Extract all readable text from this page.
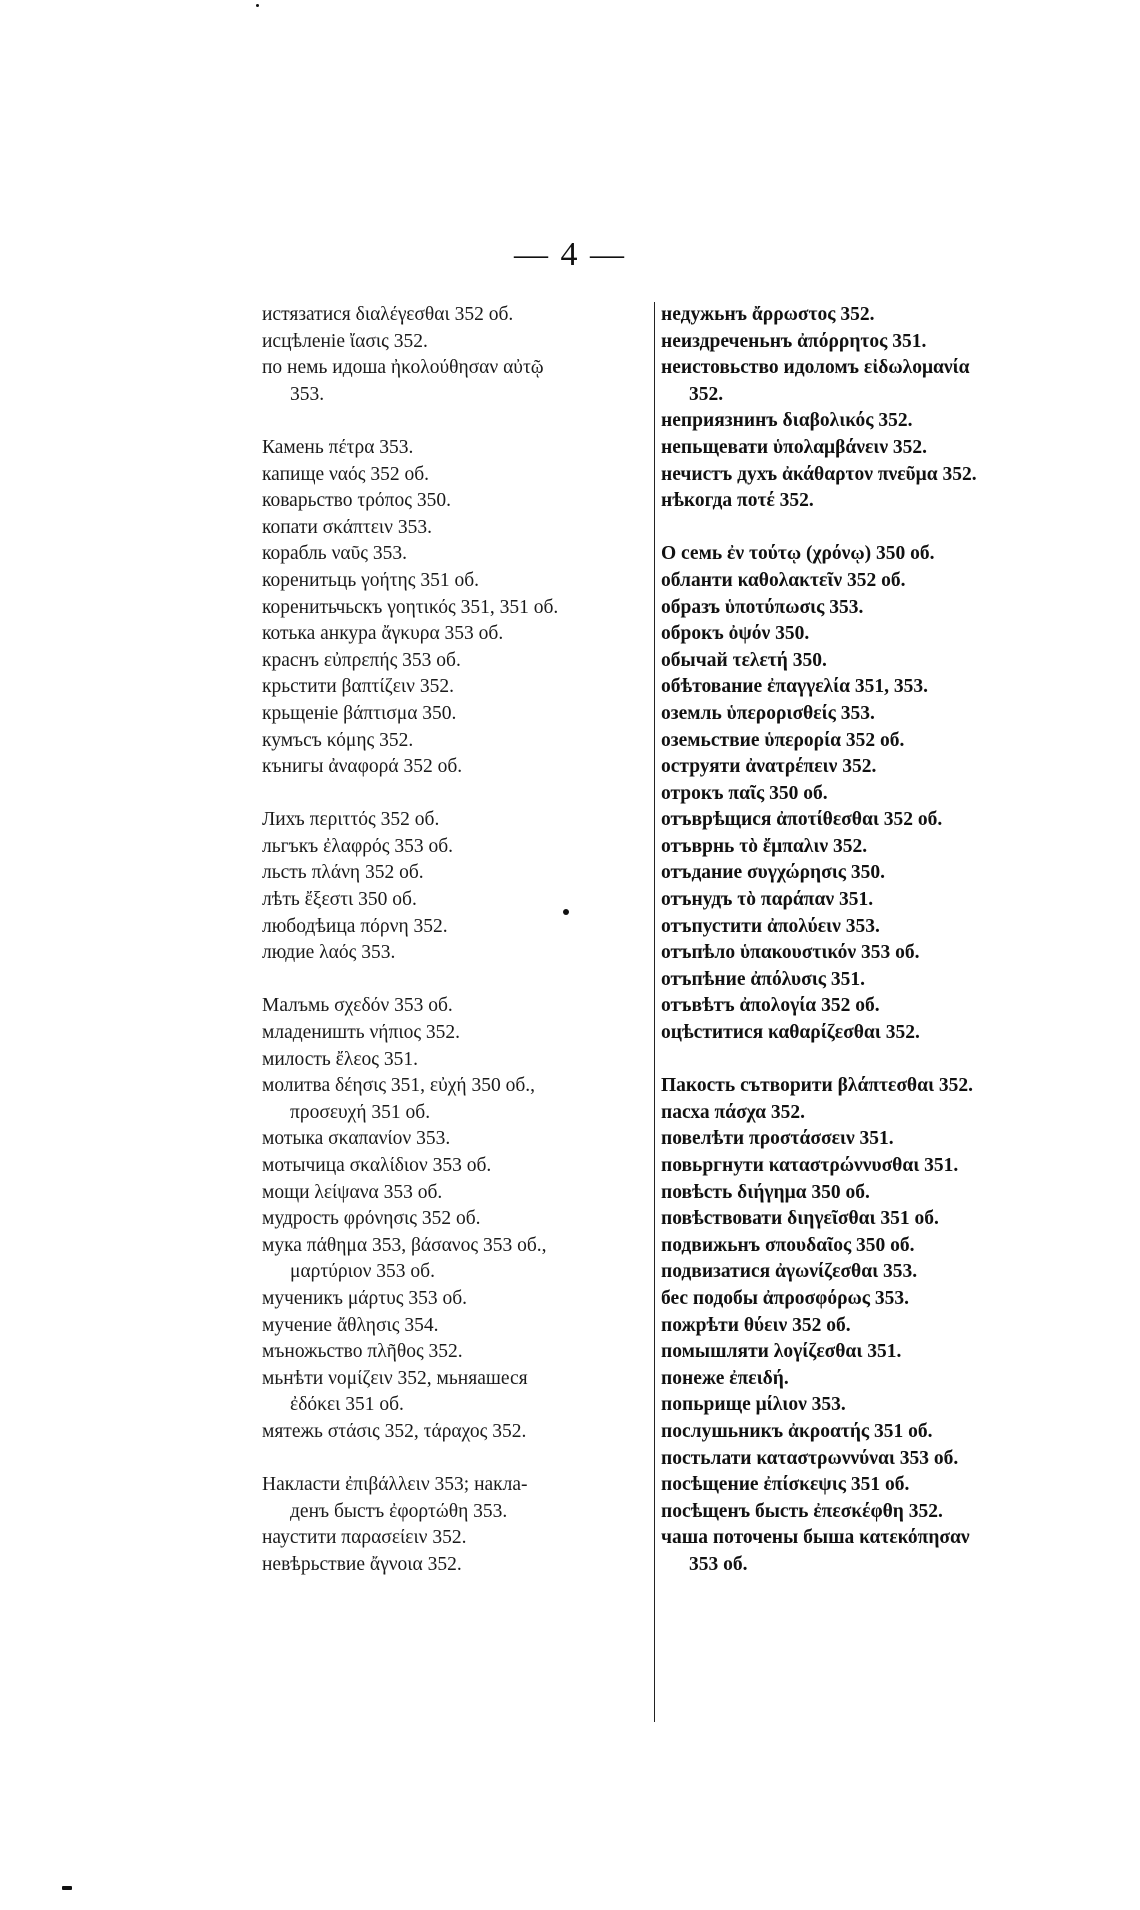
— 4 —
истязатися διαλέγεσθαι 352 об.
исцѣленіе ἴασις 352.
по немь идоша ἠκολούθησαν αὐτῷ
353.
Камень πέτρα 353.
капище ναός 352 об.
коварьство τρόπος 350.
копати σκάπτειν 353.
корабль ναῦς 353.
коренитьць γοήτης 351 об.
коренитьчьскъ γοητικός 351, 351 об.
котька анкура ἄγκυρα 353 об.
краснъ εὐπρεπής 353 об.
крьстити βαπτίζειν 352.
крьщеніе βάπτισμα 350.
кумъсъ κόμης 352.
кънигы ἀναφορά 352 об.
Лихъ περιττός 352 об.
льгъкъ ἐλαφρός 353 об.
льсть πλάνη 352 об.
лѣть ἔξεστι 350 об.
любодѣица πόρνη 352.
людие λαός 353.
Малъмь σχεδόν 353 об.
младеништь νήπιος 352.
милость ἔλεος 351.
молитва δέησις 351, εὐχή 350 об.,
προσευχή 351 об.
мотыка σκαπανίον 353.
мотычица σκαλίδιον 353 об.
мощи λείψανα 353 об.
мудрость φρόνησις 352 об.
мука πάθημα 353, βάσανος 353 об.,
μαρτύριον 353 об.
мученикъ μάρτυς 353 об.
мучение ἄθλησις 354.
мъножьство πλῆθος 352.
мьнѣти νομίζειν 352, мьняашеся
ἐδόκει 351 об.
мятежь στάσις 352, τάραχος 352.
Накласти ἐπιβάλλειν 353; накла-
денъ быстъ ἐφορτώθη 353.
наустити παρασείειν 352.
невѣрьствие ἄγνοια 352.
недужьнъ ἄρρωστος 352.
неиздреченьнъ ἀπόρρητος 351.
неистовьство идоломъ εἰδωλομανία
352.
неприязнинъ διαβολικός 352.
непьщевати ὑπολαμβάνειν 352.
нечистъ духъ ἀκάθαρτον πνεῦμα 352.
нѣкогда ποτέ 352.
О семь ἐν τούτῳ (χρόνῳ) 350 об.
обланти καθολακτεῖν 352 об.
образъ ὑποτύπωσις 353.
оброкъ ὀψόν 350.
обычай τελετή 350.
обѣтование ἐπαγγελία 351, 353.
оземль ὑπερορισθείς 353.
оземьствие ὑπερορία 352 об.
оструяти ἀνατρέπειν 352.
отрокъ παῖς 350 об.
отъврѣщися ἀποτίθεσθαι 352 об.
отъврнь τὸ ἔμπαλιν 352.
отъдание συγχώρησις 350.
отънудъ τὸ παράπαν 351.
отъпустити ἀπολύειν 353.
отъпѣло ὑπακουστικόν 353 об.
отъпѣние ἀπόλυσις 351.
отъвѣтъ ἀπολογία 352 об.
оцѣститися καθαρίζεσθαι 352.
Пакость сътворити βλάπτεσθαι 352.
пасха πάσχα 352.
повелѣти προστάσσειν 351.
повьргнути καταστρώννυσθαι 351.
повѣсть διήγημα 350 об.
повѣствовати διηγεῖσθαι 351 об.
подвижьнъ σπουδαῖος 350 об.
подвизатися ἀγωνίζεσθαι 353.
бес подобы ἀπροσφόρως 353.
пожрѣти θύειν 352 об.
помышляти λογίζεσθαι 351.
понеже ἐπειδή.
попьрище μίλιον 353.
послушьникъ ἀκροατής 351 об.
постьлати καταστρωννύναι 353 об.
посѣщение ἐπίσκεψις 351 об.
посѣщенъ бысть ἐπεσκέφθη 352.
чаша поточены быша κατεκόπησαν
353 об.
